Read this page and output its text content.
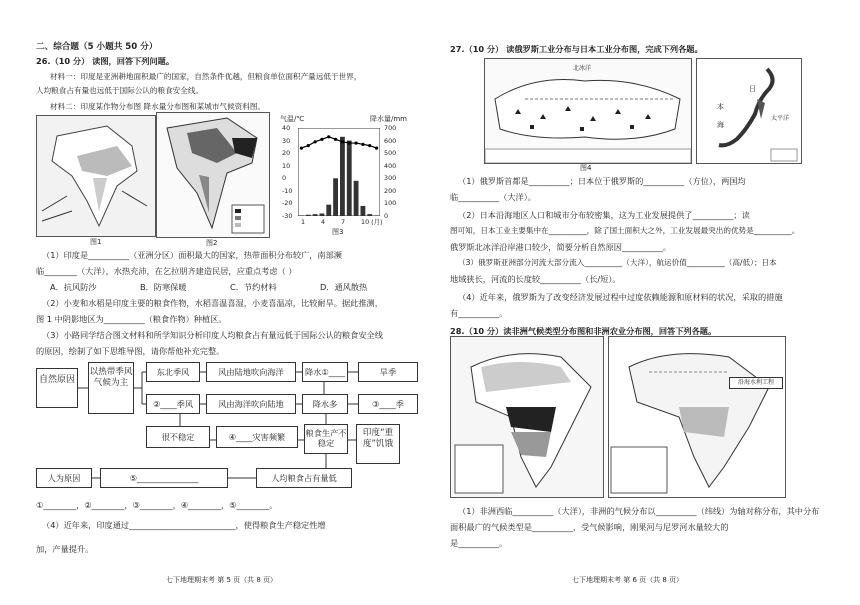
二、综合题（5 小题共 50 分）
26.（10 分） 读图，回答下列问题。
材料一：印度是亚洲耕地面积最广的国家，自然条件优越，但粮食单位面积产量远低于世界，
人均粮食占有量也远低于国际公认的粮食安全线。
材料二：印度某作物分布图 降水量分布图和某城市气候资料图。
图1	图2
气温/℃	降水量/mm
图3
（1）印度是__________（亚洲分区）面积最大的国家，热带面积分布较广，南部濒
临________（大洋），水热充沛，在乞拉朋齐建造民居，应重点考虑（ ）
A．抗风防沙	B．防寒保暖	C．节约材料	D．通风散热
（2）小麦和水稻是印度主要的粮食作物，水稻喜温喜湿，小麦喜温凉，比较耐旱。据此推测，
图 1 中阴影地区为__________（粮食作物）种植区。
（3）小路同学结合图文材料和所学知识分析印度人均粮食占有量远低于国际公认的粮食安全线
的原因，绘制了如下思维导图，请你帮他补充完整。
自然原因
以热带季风气候为主
东北季风	风由陆地吹向海洋	降水①____	旱季
②____季风	风由海洋吹向陆地	降水多	③____季
很不稳定	④____灾害频繁	粮食生产不稳定
印度“重度”饥饿
人为原因	⑤_______________	人均粮食占有量低
①________，②________，③________，④________，⑤________。
（4）近年来，印度通过__________________________，使得粮食生产稳定性增
加，产量提升。
七下地理期末考 第 5 页（共 8 页）
40
30
20
10
0
-10
-20
-30
700
600
500
400
300
200
100
0
1 4 7 10 (月)
27.（10 分） 读俄罗斯工业分布与日本工业分布图，完成下列各题。
北冰洋
图4
日
本
海
太平洋
（1）俄罗斯首都是__________；日本位于俄罗斯的__________（方位），两国均
临__________（大洋）。
（2）日本沿海地区人口和城市分布较密集，这为工业发展提供了__________；读
图可知，日本工业主要集中在__________，除了国土面积大之外，工业发展最突出的优势是__________。
俄罗斯北冰洋沿岸港口较少，简要分析自然原因__________。
（3）俄罗斯亚洲部分河流大部分流入__________（大洋），航运价值__________（高/低）；日本
地域狭长，河流的长度较__________（长/短）。
（4）近年来，俄罗斯为了改变经济发展过程中过度依赖能源和原材料的状况，采取的措施
有__________。
28.（10 分）读非洲气候类型分布图和非洲农业分布图，回答下列各题。
沿海水利工程
（1）非洲西临__________（大洋），非洲的气候分布以__________（纬线）为轴对称分布，其中分布
面积最广的气候类型是__________，受气候影响，刚果河与尼罗河水量较大的
是__________。
七下地理期末考 第 6 页（共 8 页）
